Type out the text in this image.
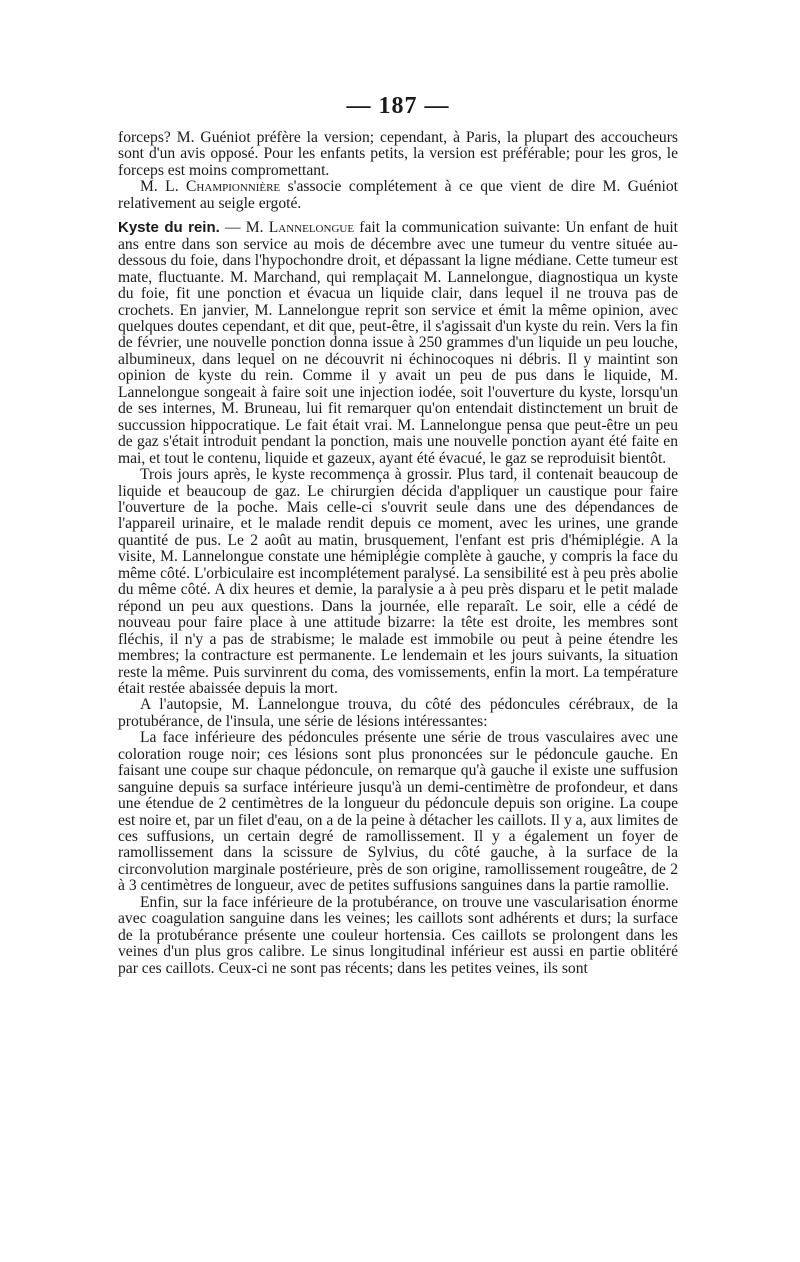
— 187 —

forceps? M. Guéniot préfère la version; cependant, à Paris, la plupart des accoucheurs sont d'un avis opposé. Pour les enfants petits, la version est préférable; pour les gros, le forceps est moins compromettant.

M. L. Championnière s'associe complétement à ce que vient de dire M. Guéniot relativement au seigle ergoté.

Kyste du rein. — M. Lannelongue fait la communication suivante: Un enfant de huit ans entre dans son service au mois de décembre avec une tumeur du ventre située au-dessous du foie, dans l'hypochondre droit, et dépassant la ligne médiane. Cette tumeur est mate, fluctuante. M. Marchand, qui remplaçait M. Lannelongue, diagnostiqua un kyste du foie, fit une ponction et évacua un liquide clair, dans lequel il ne trouva pas de crochets. En janvier, M. Lannelongue reprit son service et émit la même opinion, avec quelques doutes cependant, et dit que, peut-être, il s'agissait d'un kyste du rein. Vers la fin de février, une nouvelle ponction donna issue à 250 grammes d'un liquide un peu louche, albumineux, dans lequel on ne découvrit ni échinocoques ni débris. Il y maintint son opinion de kyste du rein. Comme il y avait un peu de pus dans le liquide, M. Lannelongue songeait à faire soit une injection iodée, soit l'ouverture du kyste, lorsqu'un de ses internes, M. Bruneau, lui fit remarquer qu'on entendait distinctement un bruit de succussion hippocratique. Le fait était vrai. M. Lannelongue pensa que peut-être un peu de gaz s'était introduit pendant la ponction, mais une nouvelle ponction ayant été faite en mai, et tout le contenu, liquide et gazeux, ayant été évacué, le gaz se reproduisit bientôt.

Trois jours après, le kyste recommença à grossir. Plus tard, il contenait beaucoup de liquide et beaucoup de gaz. Le chirurgien décida d'appliquer un caustique pour faire l'ouverture de la poche. Mais celle-ci s'ouvrit seule dans une des dépendances de l'appareil urinaire, et le malade rendit depuis ce moment, avec les urines, une grande quantité de pus. Le 2 août au matin, brusquement, l'enfant est pris d'hémiplégie. A la visite, M. Lannelongue constate une hémiplégie complète à gauche, y compris la face du même côté. L'orbiculaire est incomplétement paralysé. La sensibilité est à peu près abolie du même côté. A dix heures et demie, la paralysie a à peu près disparu et le petit malade répond un peu aux questions. Dans la journée, elle reparaît. Le soir, elle a cédé de nouveau pour faire place à une attitude bizarre: la tête est droite, les membres sont fléchis, il n'y a pas de strabisme; le malade est immobile ou peut à peine étendre les membres; la contracture est permanente. Le lendemain et les jours suivants, la situation reste la même. Puis survinrent du coma, des vomissements, enfin la mort. La température était restée abaissée depuis la mort.

A l'autopsie, M. Lannelongue trouva, du côté des pédoncules cérébraux, de la protubérance, de l'insula, une série de lésions intéressantes:

La face inférieure des pédoncules présente une série de trous vasculaires avec une coloration rouge noir; ces lésions sont plus prononcées sur le pédoncule gauche. En faisant une coupe sur chaque pédoncule, on remarque qu'à gauche il existe une suffusion sanguine depuis sa surface intérieure jusqu'à un demi-centimètre de profondeur, et dans une étendue de 2 centimètres de la longueur du pédoncule depuis son origine. La coupe est noire et, par un filet d'eau, on a de la peine à détacher les caillots. Il y a, aux limites de ces suffusions, un certain degré de ramollissement. Il y a également un foyer de ramollissement dans la scissure de Sylvius, du côté gauche, à la surface de la circonvolution marginale postérieure, près de son origine, ramollissement rougeâtre, de 2 à 3 centimètres de longueur, avec de petites suffusions sanguines dans la partie ramollie.

Enfin, sur la face inférieure de la protubérance, on trouve une vascularisation énorme avec coagulation sanguine dans les veines; les caillots sont adhérents et durs; la surface de la protubérance présente une couleur hortensia. Ces caillots se prolongent dans les veines d'un plus gros calibre. Le sinus longitudinal inférieur est aussi en partie oblitéré par ces caillots. Ceux-ci ne sont pas récents; dans les petites veines, ils sont
